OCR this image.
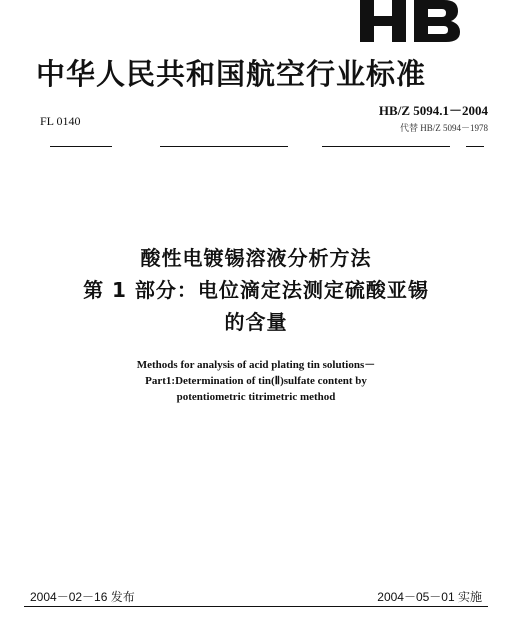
中华人民共和国航空行业标准
FL 0140
HB/Z 5094.1－2004
代替 HB/Z 5094－1978
酸性电镀锡溶液分析方法
第 1 部分：电位滴定法测定硫酸亚锡
的含量
Methods for analysis of acid plating tin solutions－
Part1:Determination of tin(Ⅱ)sulfate content by
potentiometric titrimetric method
2004－02－16 发布	2004－05－01 实施
